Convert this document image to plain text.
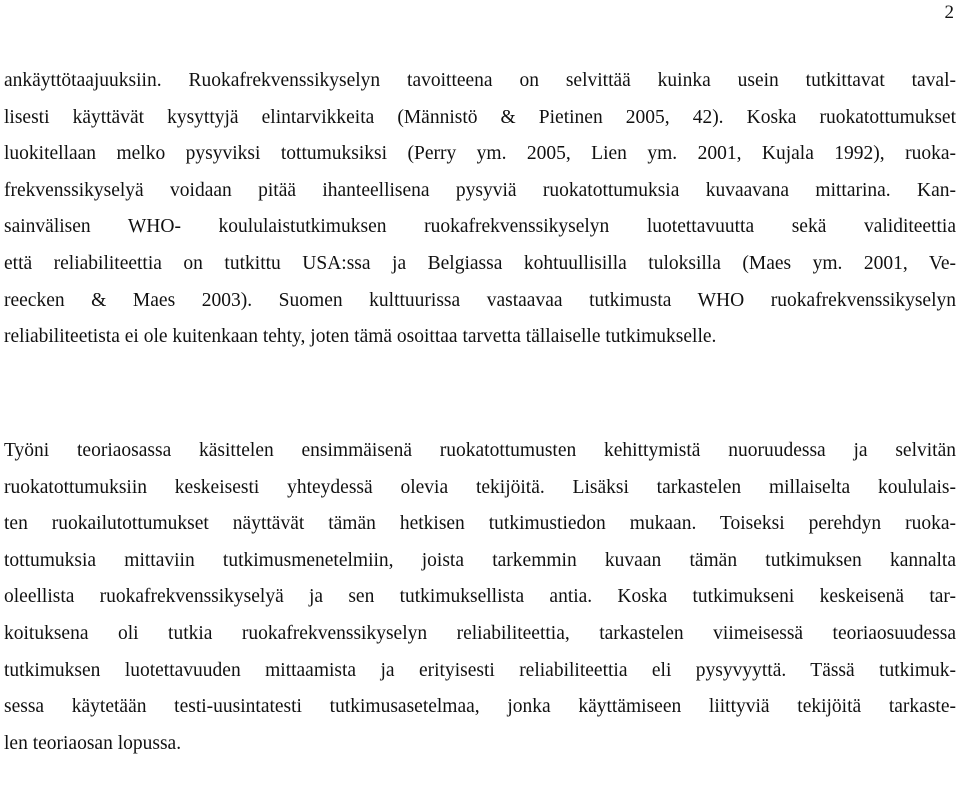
2
ankäyttötaajuuksiin. Ruokafrekvenssikyselyn tavoitteena on selvittää kuinka usein tutkittavat taval-
lisesti käyttävät kysyttyjä elintarvikkeita (Männistö & Pietinen 2005, 42). Koska ruokatottumukset
luokitellaan melko pysyviksi tottumuksiksi (Perry ym. 2005, Lien ym. 2001, Kujala 1992), ruoka-
frekvenssikyselyä voidaan pitää ihanteellisena pysyviä ruokatottumuksia kuvaavana mittarina. Kan-
sainvälisen WHO- koululaistutkimuksen ruokafrekvenssikyselyn luotettavuutta sekä validiteettia
että reliabiliteettia on tutkittu USA:ssa ja Belgiassa kohtuullisilla tuloksilla (Maes ym. 2001, Ve-
reecken & Maes 2003). Suomen kulttuurissa vastaavaa tutkimusta WHO ruokafrekvenssikyselyn
reliabiliteetista ei ole kuitenkaan tehty, joten tämä osoittaa tarvetta tällaiselle tutkimukselle.
Työni teoriaosassa käsittelen ensimmäisenä ruokatottumusten kehittymistä nuoruudessa ja selvitän
ruokatottumuksiin keskeisesti yhteydessä olevia tekijöitä. Lisäksi tarkastelen millaiselta koululais-
ten ruokailutottumukset näyttävät tämän hetkisen tutkimustiedon mukaan. Toiseksi perehdyn ruoka-
tottumuksia mittaviin tutkimusmenetelmiin, joista tarkemmin kuvaan tämän tutkimuksen kannalta
oleellista ruokafrekvenssikyselyä ja sen tutkimuksellista antia. Koska tutkimukseni keskeisenä tar-
koituksena oli tutkia ruokafrekvenssikyselyn reliabiliteettia, tarkastelen viimeisessä teoriaosuudessa
tutkimuksen luotettavuuden mittaamista ja erityisesti reliabiliteettia eli pysyvyyttä. Tässä tutkimuk-
sessa käytetään testi-uusintatesti tutkimusasetelmaa, jonka käyttämiseen liittyviä tekijöitä tarkaste-
len teoriaosan lopussa.
